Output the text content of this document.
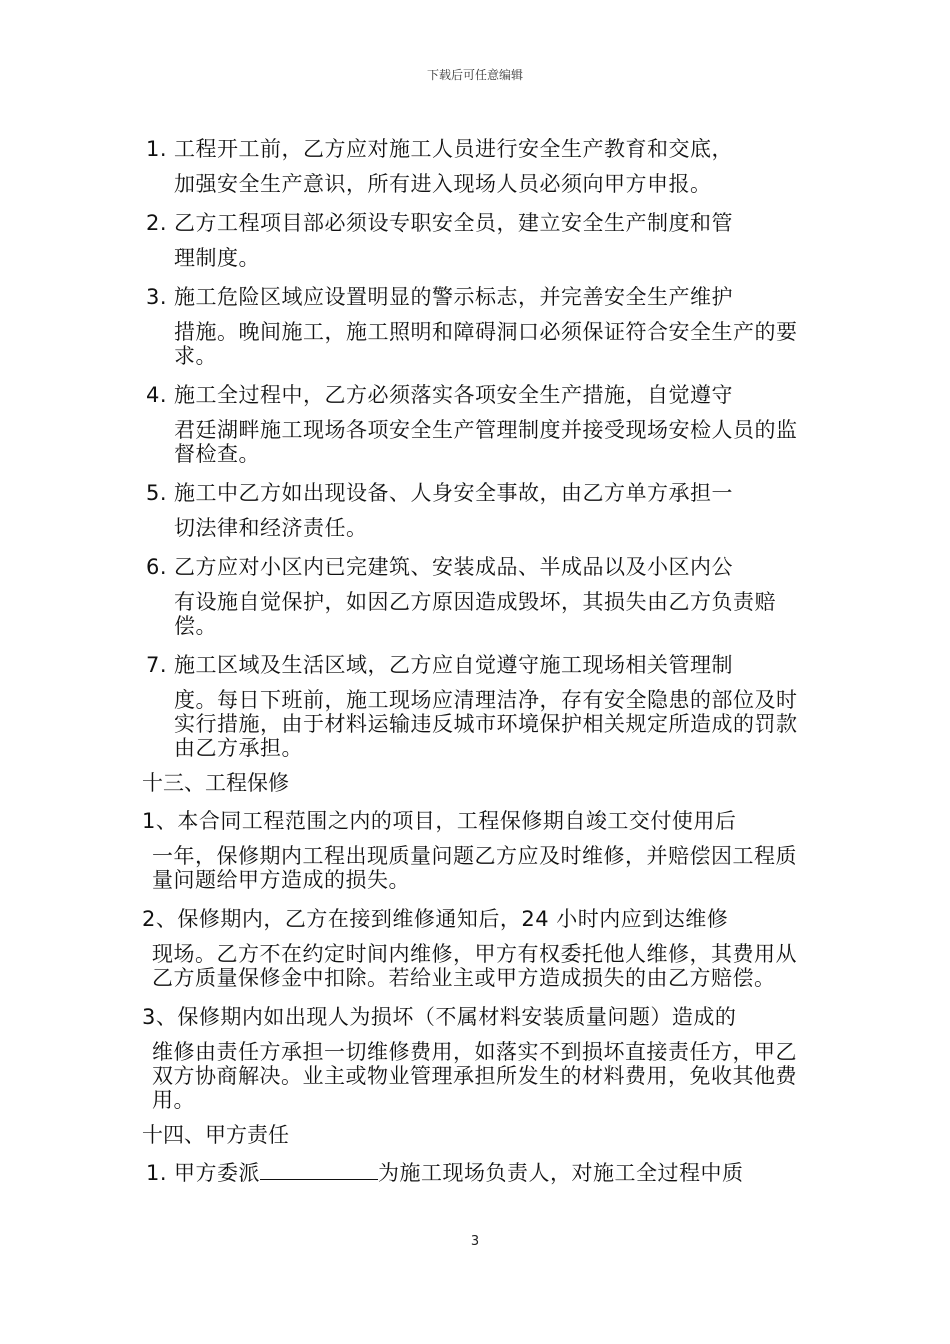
下载后可任意编辑
1. 工程开工前，乙方应对施工人员进行安全生产教育和交底，
加强安全生产意识，所有进入现场人员必须向甲方申报。
2. 乙方工程项目部必须设专职安全员，建立安全生产制度和管
理制度。
3. 施工危险区域应设置明显的警示标志，并完善安全生产维护
措施。晚间施工，施工照明和障碍洞口必须保证符合安全生产的要求。
4. 施工全过程中，乙方必须落实各项安全生产措施，自觉遵守
君廷湖畔施工现场各项安全生产管理制度并接受现场安检人员的监督检查。
5. 施工中乙方如出现设备、人身安全事故，由乙方单方承担一
切法律和经济责任。
6. 乙方应对小区内已完建筑、安装成品、半成品以及小区内公
有设施自觉保护，如因乙方原因造成毁坏，其损失由乙方负责赔偿。
7. 施工区域及生活区域，乙方应自觉遵守施工现场相关管理制
度。每日下班前，施工现场应清理洁净，存有安全隐患的部位及时实行措施，由于材料运输违反城市环境保护相关规定所造成的罚款由乙方承担。
十三、工程保修
1、本合同工程范围之内的项目，工程保修期自竣工交付使用后
一年，保修期内工程出现质量问题乙方应及时维修，并赔偿因工程质量问题给甲方造成的损失。
2、保修期内，乙方在接到维修通知后，24 小时内应到达维修
现场。乙方不在约定时间内维修，甲方有权委托他人维修，其费用从乙方质量保修金中扣除。若给业主或甲方造成损失的由乙方赔偿。
3、保修期内如出现人为损坏（不属材料安装质量问题）造成的
维修由责任方承担一切维修费用，如落实不到损坏直接责任方，甲乙双方协商解决。业主或物业管理承担所发生的材料费用，免收其他费用。
十四、甲方责任
1. 甲方委派	为施工现场负责人，对施工全过程中质
3
